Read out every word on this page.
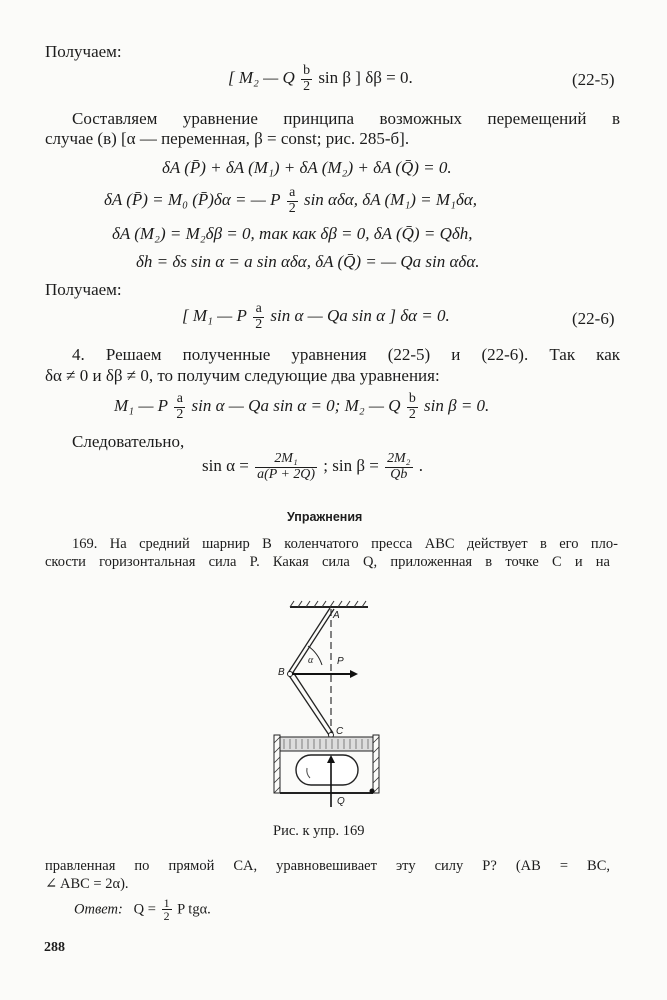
Получаем:
[ M₂ — Q $\frac{b}{2}$ sin β ] δβ = 0.	(22-5)
Составляем уравнение принципа возможных перемещений в
случае (в) [α — переменная, β = const; рис. 285-б].
δA (P̄) + δA (M₁) + δA (M₂) + δA (Q̄) = 0.
δA (P̄) = M₀ (P̄)δα = — P $\frac{a}{2}$ sin αδα, δA (M₁) = M₁δα,
δA (M₂) = M₂δβ = 0, так как δβ = 0, δA (Q̄) = Qδh,
δh = δs sin α = a sin αδα, δA (Q̄) = — Qa sin αδα.
Получаем:
[ M₁ — P $\frac{a}{2}$ sin α — Qa sin α ] δα = 0.	(22-6)
4. Решаем полученные уравнения (22-5) и (22-6). Так как
δα ≠ 0 и δβ ≠ 0, то получим следующие два уравнения:
M₁ — P $\frac{a}{2}$ sin α — Qa sin α = 0; M₂ — Q $\frac{b}{2}$ sin β = 0.
Следовательно,
$\sin \alpha = \frac{\text{2M₁}}{a(P + 2Q)}$ ; $\sin \beta = \frac{\text{2M₂}}{Qb}$ .
Упражнения
169. На средний шарнир B коленчатого пресса ABC действует в его пло-
скости горизонтальная сила P. Какая сила Q, приложенная в точке C и на
A
B
C
P
Q
α
Рис. к упр. 169
правленная по прямой CA, уравновешивает эту силу P? (AB = BC,
∠ ABC = 2α).
Ответ: $Q = \frac{1}{2}$ P tgα.
288
